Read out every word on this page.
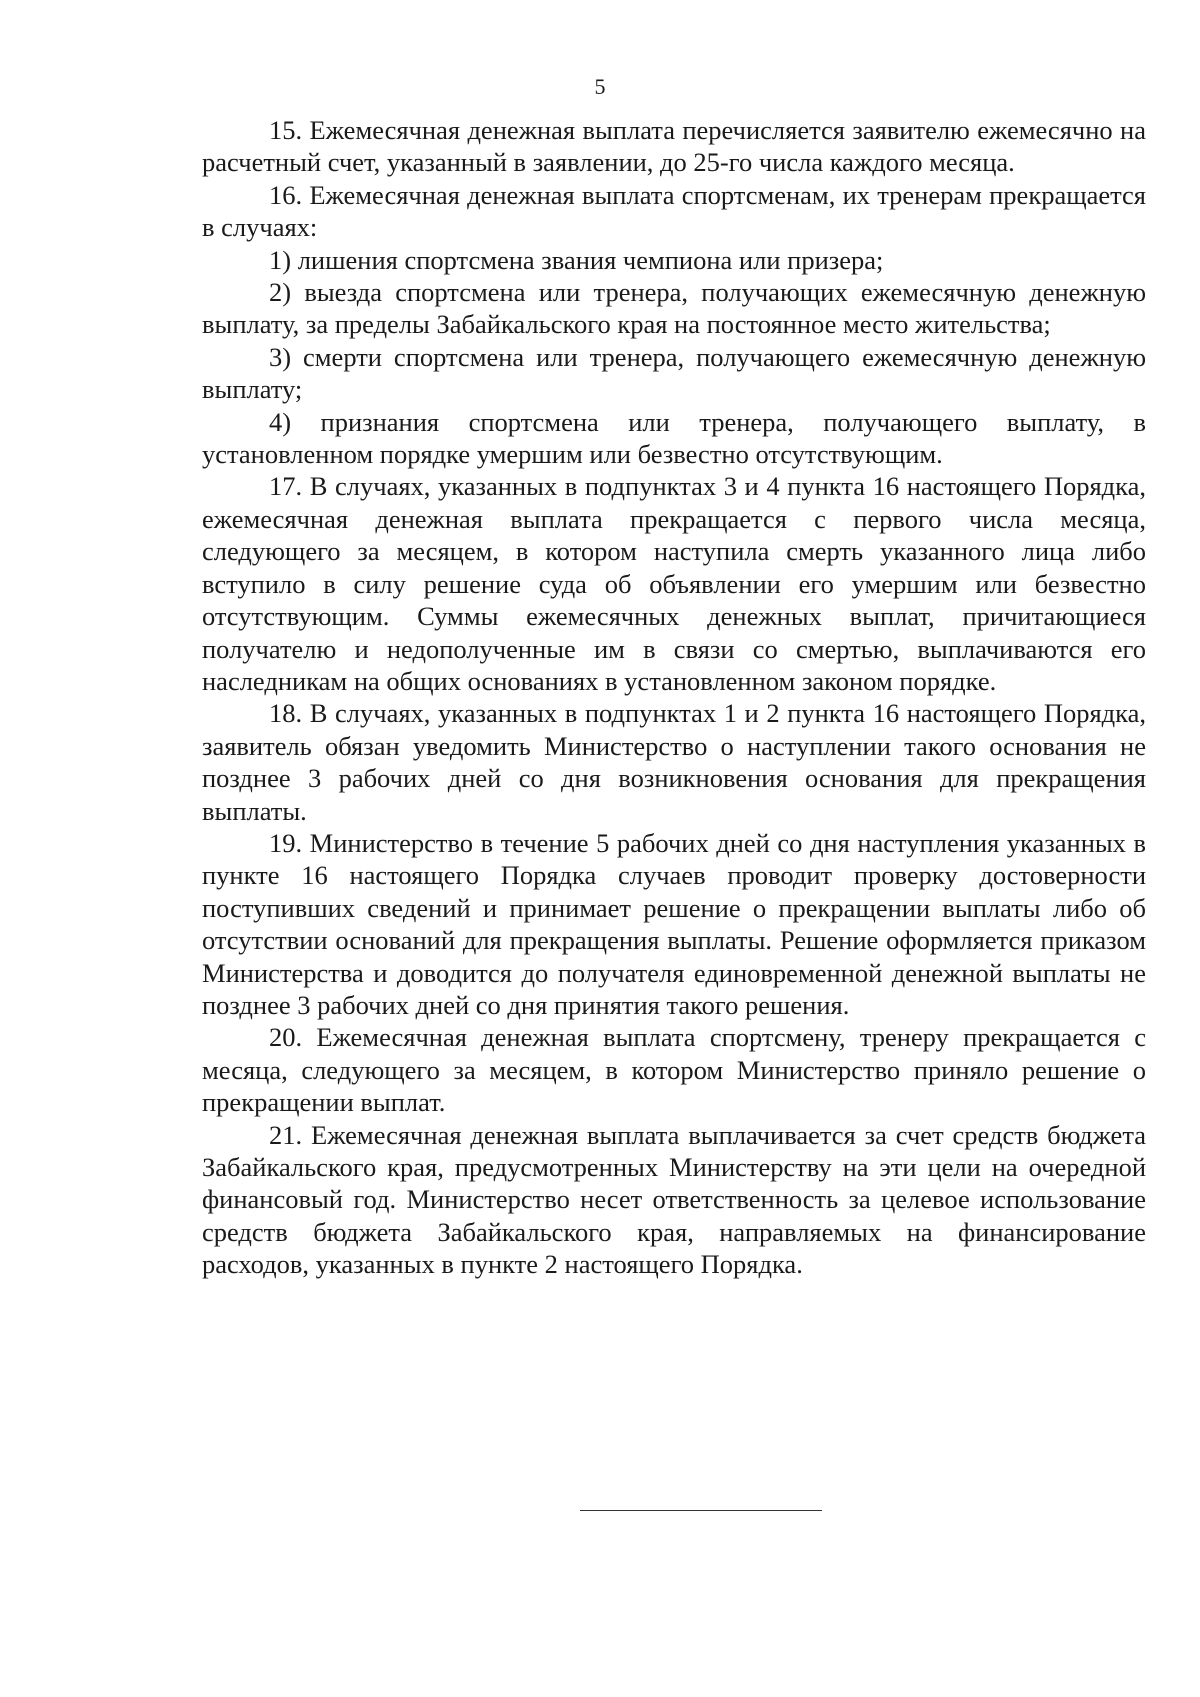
5

15. Ежемесячная денежная выплата перечисляется заявителю ежемесячно на расчетный счет, указанный в заявлении, до 25-го числа каждого месяца.

16. Ежемесячная денежная выплата спортсменам, их тренерам прекращается в случаях:

1) лишения спортсмена звания чемпиона или призера;

2) выезда спортсмена или тренера, получающих ежемесячную денежную выплату, за пределы Забайкальского края на постоянное место жительства;

3) смерти спортсмена или тренера, получающего ежемесячную денежную выплату;

4) признания спортсмена или тренера, получающего выплату, в установленном порядке умершим или безвестно отсутствующим.

17. В случаях, указанных в подпунктах 3 и 4 пункта 16 настоящего Порядка, ежемесячная денежная выплата прекращается с первого числа месяца, следующего за месяцем, в котором наступила смерть указанного лица либо вступило в силу решение суда об объявлении его умершим или безвестно отсутствующим. Суммы ежемесячных денежных выплат, причитающиеся получателю и недополученные им в связи со смертью, выплачиваются его наследникам на общих основаниях в установленном законом порядке.

18. В случаях, указанных в подпунктах 1 и 2 пункта 16 настоящего Порядка, заявитель обязан уведомить Министерство о наступлении такого основания не позднее 3 рабочих дней со дня возникновения основания для прекращения выплаты.

19. Министерство в течение 5 рабочих дней со дня наступления указанных в пункте 16 настоящего Порядка случаев проводит проверку достоверности поступивших сведений и принимает решение о прекращении выплаты либо об отсутствии оснований для прекращения выплаты. Решение оформляется приказом Министерства и доводится до получателя единовременной денежной выплаты не позднее 3 рабочих дней со дня принятия такого решения.

20. Ежемесячная денежная выплата спортсмену, тренеру прекращается с месяца, следующего за месяцем, в котором Министерство приняло решение о прекращении выплат.

21. Ежемесячная денежная выплата выплачивается за счет средств бюджета Забайкальского края, предусмотренных Министерству на эти цели на очередной финансовый год. Министерство несет ответственность за целевое использование средств бюджета Забайкальского края, направляемых на финансирование расходов, указанных в пункте 2 настоящего Порядка.
